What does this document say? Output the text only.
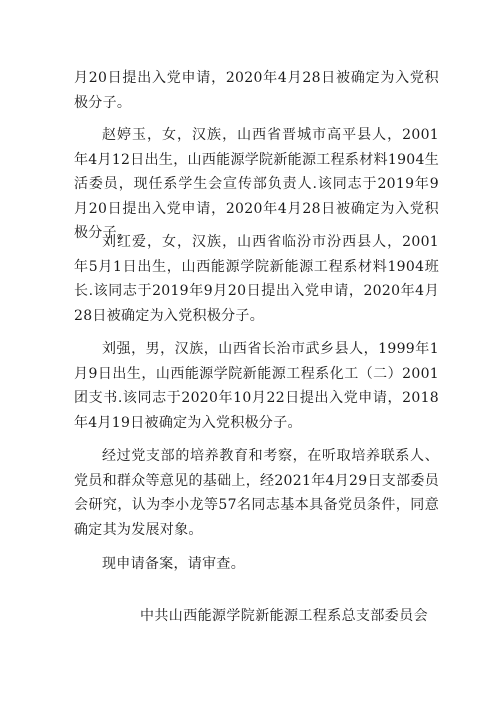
月20日提出入党申请，2020年4月28日被确定为入党积极分子。

赵婷玉，女，汉族，山西省晋城市高平县人，2001年4月12日出生，山西能源学院新能源工程系材料1904生活委员，现任系学生会宣传部负责人.该同志于2019年9月20日提出入党申请，2020年4月28日被确定为入党积极分子。

刘红爱，女，汉族，山西省临汾市汾西县人，2001年5月1日出生，山西能源学院新能源工程系材料1904班长.该同志于2019年9月20日提出入党申请，2020年4月28日被确定为入党积极分子。

刘强，男，汉族，山西省长治市武乡县人，1999年1月9日出生，山西能源学院新能源工程系化工（二）2001团支书.该同志于2020年10月22日提出入党申请，2018年4月19日被确定为入党积极分子。

经过党支部的培养教育和考察，在听取培养联系人、党员和群众等意见的基础上，经2021年4月29日支部委员会研究，认为李小龙等57名同志基本具备党员条件，同意确定其为发展对象。

现申请备案，请审查。

中共山西能源学院新能源工程系总支部委员会
